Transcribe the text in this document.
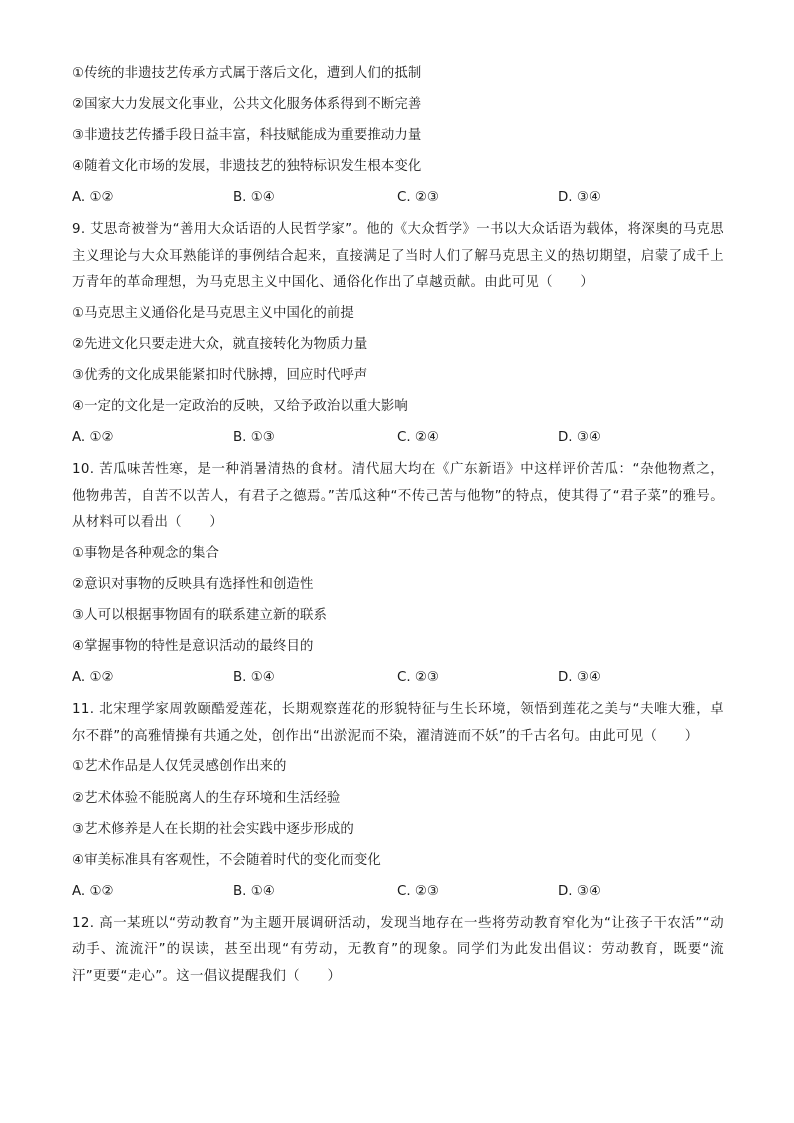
①传统的非遗技艺传承方式属于落后文化，遭到人们的抵制
②国家大力发展文化事业，公共文化服务体系得到不断完善
③非遗技艺传播手段日益丰富，科技赋能成为重要推动力量
④随着文化市场的发展，非遗技艺的独特标识发生根本变化
A. ①②	B. ①④	C. ②③	D. ③④
9. 艾思奇被誉为“善用大众话语的人民哲学家”。他的《大众哲学》一书以大众话语为载体，将深奥的马克思主义理论与大众耳熟能详的事例结合起来，直接满足了当时人们了解马克思主义的热切期望，启蒙了成千上万青年的革命理想，为马克思主义中国化、通俗化作出了卓越贡献。由此可见（　　）
①马克思主义通俗化是马克思主义中国化的前提
②先进文化只要走进大众，就直接转化为物质力量
③优秀的文化成果能紧扣时代脉搏，回应时代呼声
④一定的文化是一定政治的反映，又给予政治以重大影响
A. ①②	B. ①③	C. ②④	D. ③④
10. 苦瓜味苦性寒，是一种消暑清热的食材。清代屈大均在《广东新语》中这样评价苦瓜：“杂他物煮之，他物弗苦，自苦不以苦人，有君子之德焉。”苦瓜这种“不传己苦与他物”的特点，使其得了“君子菜”的雅号。从材料可以看出（　　）
①事物是各种观念的集合
②意识对事物的反映具有选择性和创造性
③人可以根据事物固有的联系建立新的联系
④掌握事物的特性是意识活动的最终目的
A. ①②	B. ①④	C. ②③	D. ③④
11. 北宋理学家周敦颐酷爱莲花，长期观察莲花的形貌特征与生长环境，领悟到莲花之美与“夫唯大雅，卓尔不群”的高雅情操有共通之处，创作出“出淤泥而不染，濯清涟而不妖”的千古名句。由此可见（　　）
①艺术作品是人仅凭灵感创作出来的
②艺术体验不能脱离人的生存环境和生活经验
③艺术修养是人在长期的社会实践中逐步形成的
④审美标准具有客观性，不会随着时代的变化而变化
A. ①②	B. ①④	C. ②③	D. ③④
12. 高一某班以“劳动教育”为主题开展调研活动，发现当地存在一些将劳动教育窄化为“让孩子干农活”“动动手、流流汗”的误读，甚至出现“有劳动，无教育”的现象。同学们为此发出倡议：劳动教育，既要“流汗”更要“走心”。这一倡议提醒我们（　　）
